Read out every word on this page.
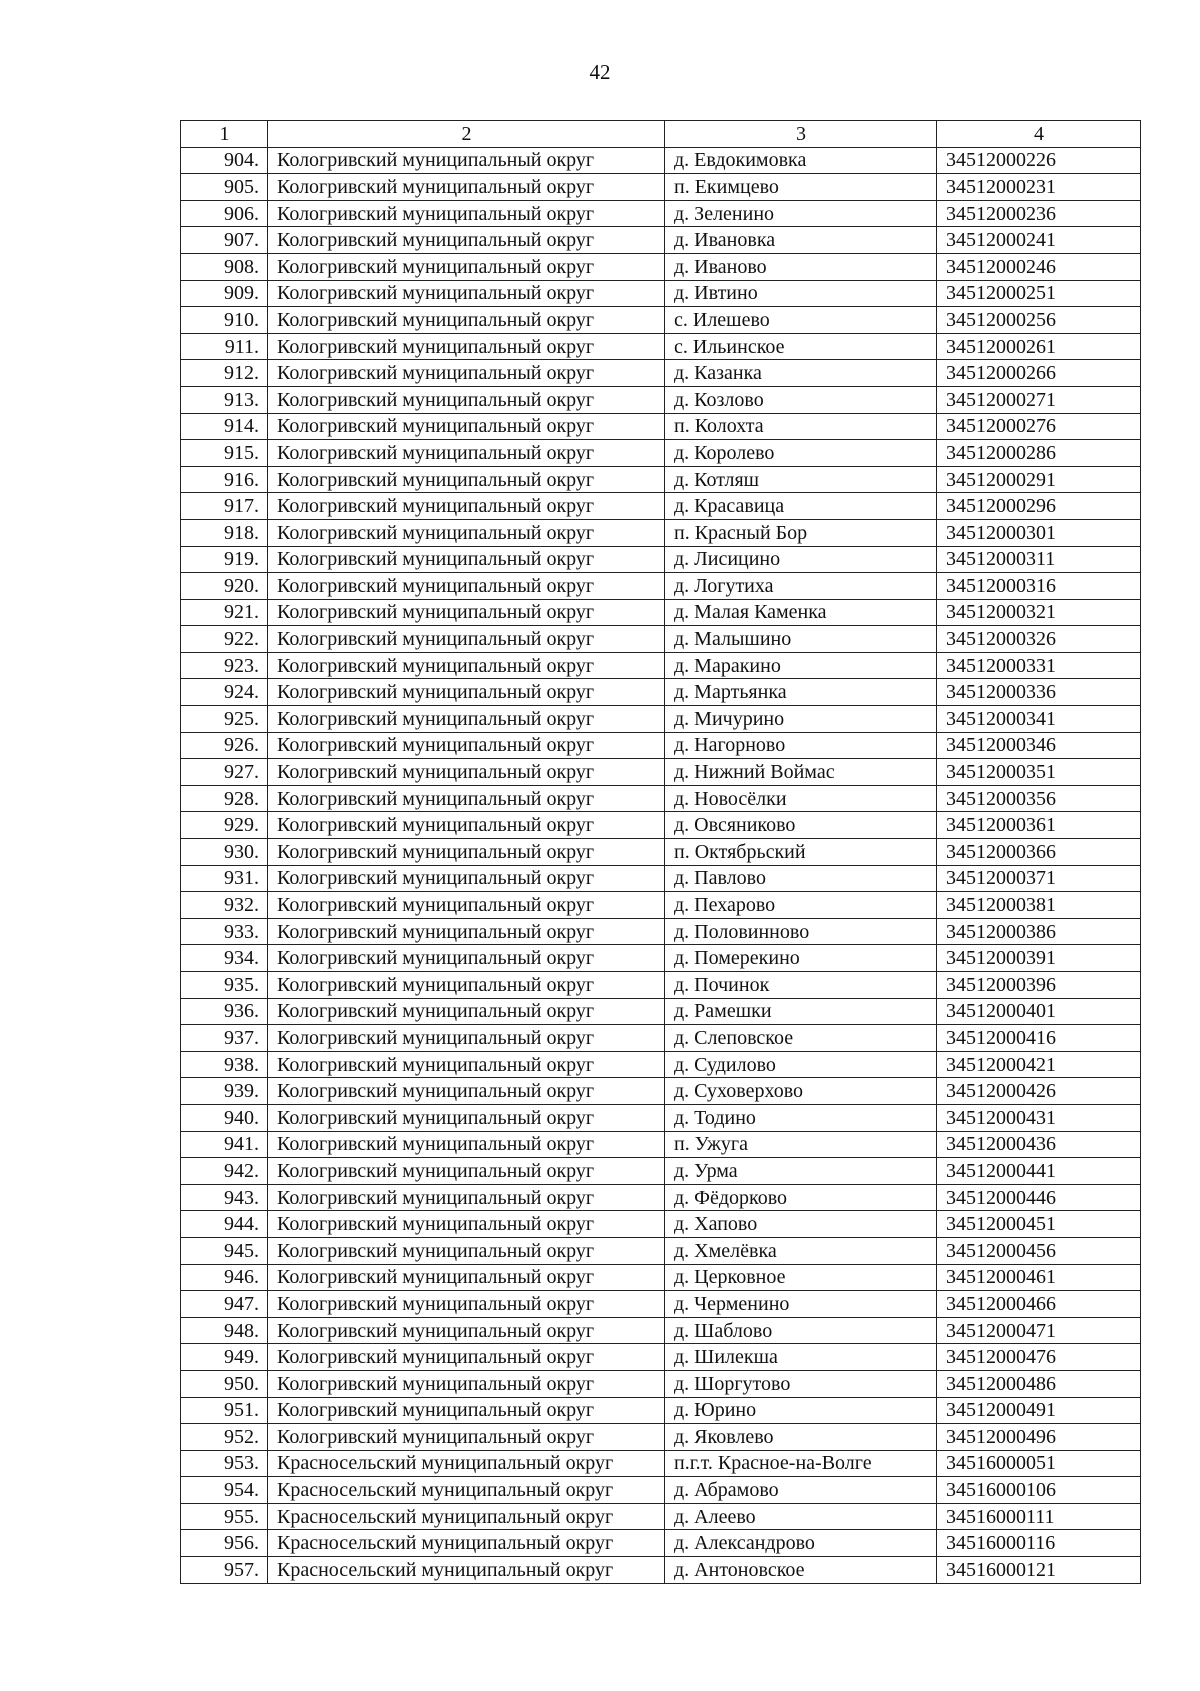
42
1	2	3	4
904.	Кологривский муниципальный округ	д. Евдокимовка	34512000226
905.	Кологривский муниципальный округ	п. Екимцево	34512000231
906.	Кологривский муниципальный округ	д. Зеленино	34512000236
907.	Кологривский муниципальный округ	д. Ивановка	34512000241
908.	Кологривский муниципальный округ	д. Иваново	34512000246
909.	Кологривский муниципальный округ	д. Ивтино	34512000251
910.	Кологривский муниципальный округ	с. Илешево	34512000256
911.	Кологривский муниципальный округ	с. Ильинское	34512000261
912.	Кологривский муниципальный округ	д. Казанка	34512000266
913.	Кологривский муниципальный округ	д. Козлово	34512000271
914.	Кологривский муниципальный округ	п. Колохта	34512000276
915.	Кологривский муниципальный округ	д. Королево	34512000286
916.	Кологривский муниципальный округ	д. Котляш	34512000291
917.	Кологривский муниципальный округ	д. Красавица	34512000296
918.	Кологривский муниципальный округ	п. Красный Бор	34512000301
919.	Кологривский муниципальный округ	д. Лисицино	34512000311
920.	Кологривский муниципальный округ	д. Логутиха	34512000316
921.	Кологривский муниципальный округ	д. Малая Каменка	34512000321
922.	Кологривский муниципальный округ	д. Малышино	34512000326
923.	Кологривский муниципальный округ	д. Маракино	34512000331
924.	Кологривский муниципальный округ	д. Мартьянка	34512000336
925.	Кологривский муниципальный округ	д. Мичурино	34512000341
926.	Кологривский муниципальный округ	д. Нагорново	34512000346
927.	Кологривский муниципальный округ	д. Нижний Воймас	34512000351
928.	Кологривский муниципальный округ	д. Новосёлки	34512000356
929.	Кологривский муниципальный округ	д. Овсяниково	34512000361
930.	Кологривский муниципальный округ	п. Октябрьский	34512000366
931.	Кологривский муниципальный округ	д. Павлово	34512000371
932.	Кологривский муниципальный округ	д. Пехарово	34512000381
933.	Кологривский муниципальный округ	д. Половинново	34512000386
934.	Кологривский муниципальный округ	д. Померекино	34512000391
935.	Кологривский муниципальный округ	д. Починок	34512000396
936.	Кологривский муниципальный округ	д. Рамешки	34512000401
937.	Кологривский муниципальный округ	д. Слеповское	34512000416
938.	Кологривский муниципальный округ	д. Судилово	34512000421
939.	Кологривский муниципальный округ	д. Суховерхово	34512000426
940.	Кологривский муниципальный округ	д. Тодино	34512000431
941.	Кологривский муниципальный округ	п. Ужуга	34512000436
942.	Кологривский муниципальный округ	д. Урма	34512000441
943.	Кологривский муниципальный округ	д. Фёдорково	34512000446
944.	Кологривский муниципальный округ	д. Хапово	34512000451
945.	Кологривский муниципальный округ	д. Хмелёвка	34512000456
946.	Кологривский муниципальный округ	д. Церковное	34512000461
947.	Кологривский муниципальный округ	д. Черменино	34512000466
948.	Кологривский муниципальный округ	д. Шаблово	34512000471
949.	Кологривский муниципальный округ	д. Шилекша	34512000476
950.	Кологривский муниципальный округ	д. Шоргутово	34512000486
951.	Кологривский муниципальный округ	д. Юрино	34512000491
952.	Кологривский муниципальный округ	д. Яковлево	34512000496
953.	Красносельский муниципальный округ	п.г.т. Красное-на-Волге	34516000051
954.	Красносельский муниципальный округ	д. Абрамово	34516000106
955.	Красносельский муниципальный округ	д. Алеево	34516000111
956.	Красносельский муниципальный округ	д. Александрово	34516000116
957.	Красносельский муниципальный округ	д. Антоновское	34516000121
